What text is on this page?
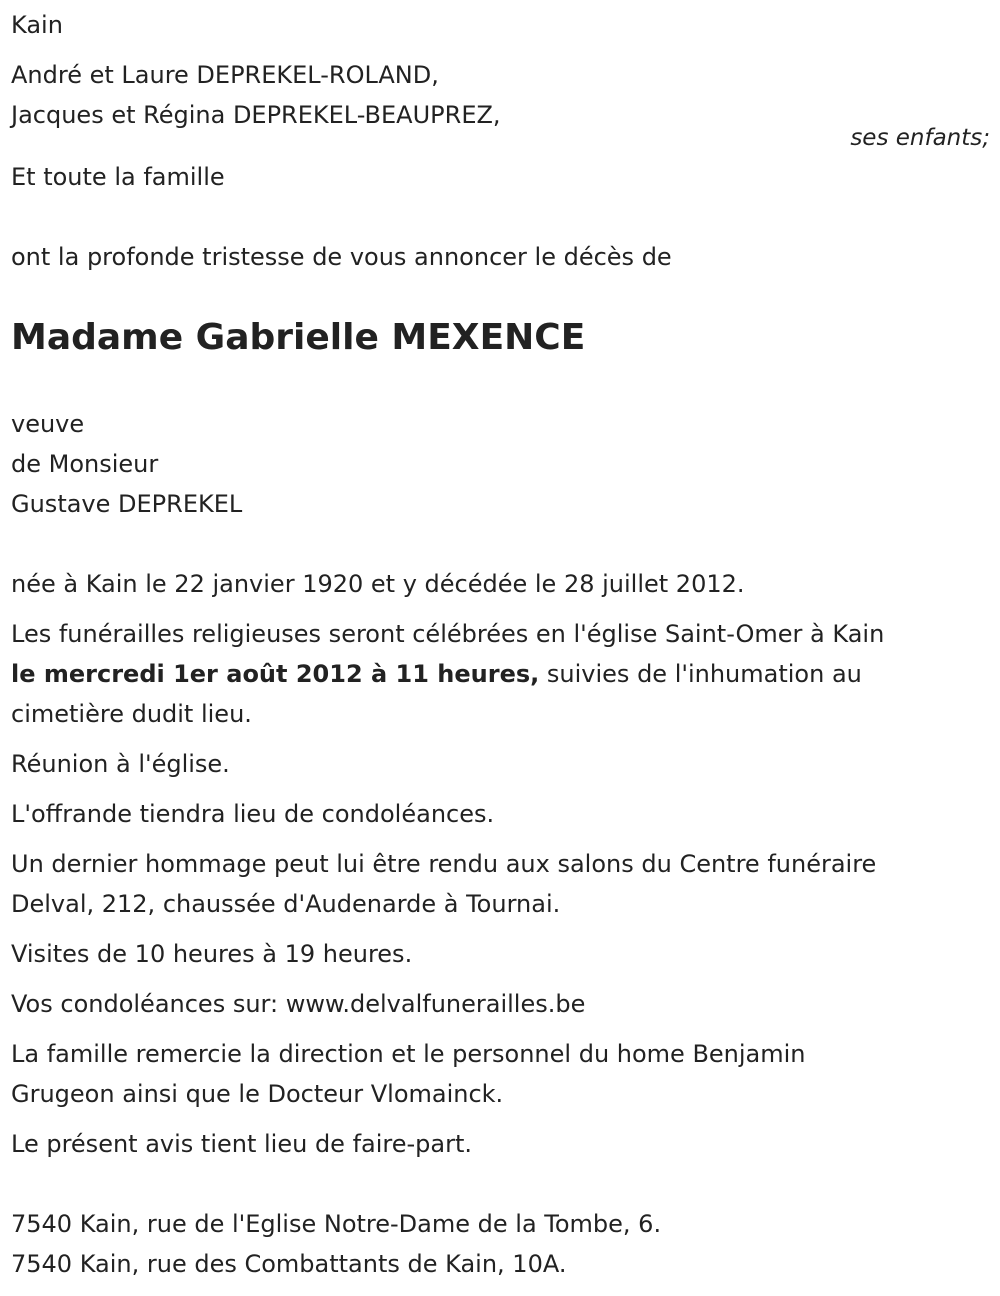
Kain
André et Laure DEPREKEL-ROLAND,
Jacques et Régina DEPREKEL-BEAUPREZ,
Et toute la famille
ont la profonde tristesse de vous annoncer le décès de
Madame Gabrielle MEXENCE
veuve
de Monsieur
Gustave DEPREKEL
née à Kain le 22 janvier 1920 et y décédée le 28 juillet 2012.
Les funérailles religieuses seront célébrées en l'église Saint-Omer à Kain
le mercredi 1er août 2012 à 11 heures, suivies de l'inhumation au
cimetière dudit lieu.
Réunion à l'église.
L'offrande tiendra lieu de condoléances.
Un dernier hommage peut lui être rendu aux salons du Centre funéraire
Delval, 212, chaussée d'Audenarde à Tournai.
Visites de 10 heures à 19 heures.
Vos condoléances sur: www.delvalfunerailles.be
La famille remercie la direction et le personnel du home Benjamin
Grugeon ainsi que le Docteur Vlomainck.
Le présent avis tient lieu de faire-part.
7540 Kain, rue de l'Eglise Notre-Dame de la Tombe, 6.
7540 Kain, rue des Combattants de Kain, 10A.
ses enfants;
